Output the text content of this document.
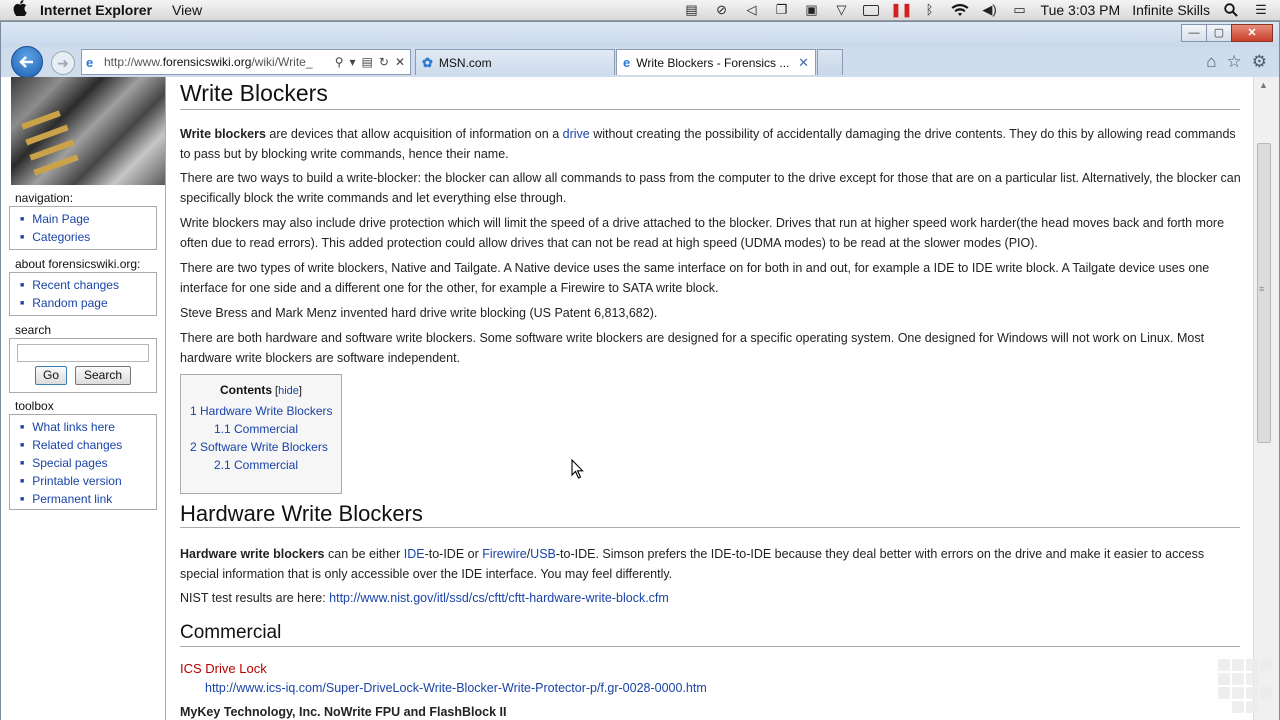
Internet Explorer View	▤ ⊘	◁	❐ ▣	▽	❚❚	ᛒ	◀) ▭ Tue 3:03 PM Infinite Skills	☰
—	▢	✕
➜	e http://www.forensicswiki.org/wiki/Write_	⚲ ▾ ▤ ↻ ✕ ✿ MSN.com	e Write Blockers - Forensics ... ✕	⌂ ☆ ⚙
navigation:
■ Main Page
■ Categories
about forensicswiki.org:
■ Recent changes
■ Random page
search
Go	Search
toolbox
■ What links here
■ Related changes
■ Special pages
■ Printable version
■ Permanent link
Write Blockers
Write blockers are devices that allow acquisition of information on a drive without creating the possibility of accidentally damaging the drive contents. They do this by allowing read commands to pass but by blocking write commands, hence their name.
There are two ways to build a write-blocker: the blocker can allow all commands to pass from the computer to the drive except for those that are on a particular list. Alternatively, the blocker can specifically block the write commands and let everything else through.
Write blockers may also include drive protection which will limit the speed of a drive attached to the blocker. Drives that run at higher speed work harder(the head moves back and forth more often due to read errors). This added protection could allow drives that can not be read at high speed (UDMA modes) to be read at the slower modes (PIO).
There are two types of write blockers, Native and Tailgate. A Native device uses the same interface on for both in and out, for example a IDE to IDE write block. A Tailgate device uses one interface for one side and a different one for the other, for example a Firewire to SATA write block.
Steve Bress and Mark Menz invented hard drive write blocking (US Patent 6,813,682).
There are both hardware and software write blockers. Some software write blockers are designed for a specific operating system. One designed for Windows will not work on Linux. Most hardware write blockers are software independent.
Contents [hide]
1 Hardware Write Blockers
1.1 Commercial
2 Software Write Blockers
2.1 Commercial
Hardware Write Blockers
Hardware write blockers can be either IDE-to-IDE or Firewire/USB-to-IDE. Simson prefers the IDE-to-IDE because they deal better with errors on the drive and make it easier to access special information that is only accessible over the IDE interface. You may feel differently.
NIST test results are here: http://www.nist.gov/itl/ssd/cs/cftt/cftt-hardware-write-block.cfm
Commercial
ICS Drive Lock
http://www.ics-iq.com/Super-DriveLock-Write-Blocker-Write-Protector-p/f.gr-0028-0000.htm
MyKey Technology, Inc. NoWrite FPU and FlashBlock II
▲
≡
